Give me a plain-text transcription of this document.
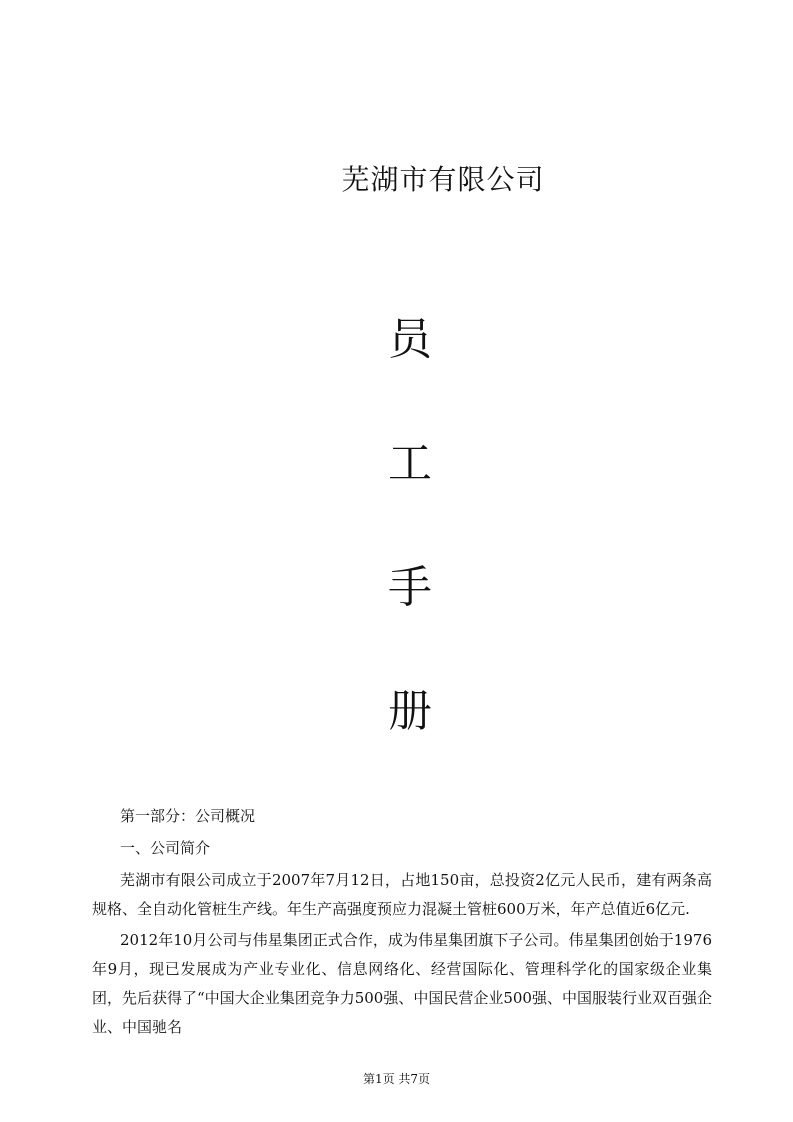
芜湖市有限公司
员
工
手
册
第一部分：公司概况
一、公司简介

芜湖市有限公司成立于2007年7月12日，占地150亩，总投资2亿元人民币，建有两条高规格、全自动化管桩生产线。年生产高强度预应力混凝土管桩600万米，年产总值近6亿元.

2012年10月公司与伟星集团正式合作，成为伟星集团旗下子公司。伟星集团创始于1976年9月，现已发展成为产业专业化、信息网络化、经营国际化、管理科学化的国家级企业集团，先后获得了“中国大企业集团竞争力500强、中国民营企业500强、中国服装行业双百强企业、中国驰名

第1页 共7页
